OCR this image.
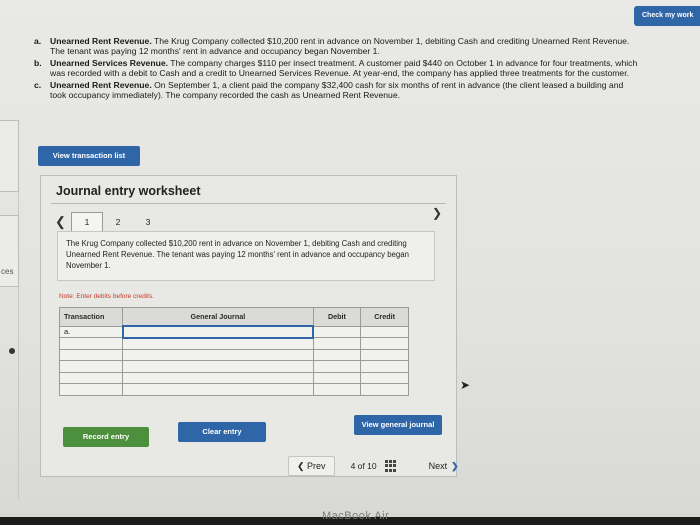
ces
Check my work
a. Unearned Rent Revenue. The Krug Company collected $10,200 rent in advance on November 1, debiting Cash and crediting Unearned Rent Revenue. The tenant was paying 12 months' rent in advance and occupancy began November 1.
b. Unearned Services Revenue. The company charges $110 per insect treatment. A customer paid $440 on October 1 in advance for four treatments, which was recorded with a debit to Cash and a credit to Unearned Services Revenue. At year-end, the company has applied three treatments for the customer.
c. Unearned Rent Revenue. On September 1, a client paid the company $32,400 cash for six months of rent in advance (the client leased a building and took occupancy immediately). The company recorded the cash as Unearned Rent Revenue.
View transaction list
Journal entry worksheet
❮	1	2	3
❯
The Krug Company collected $10,200 rent in advance on November 1, debiting Cash and crediting Unearned Rent Revenue. The tenant was paying 12 months' rent in advance and occupancy began November 1.
Note: Enter debits before credits.
Transaction	General Journal	Debit	Credit
a.			

Record entry
Clear entry
View general journal
➤
❮ Prev	4 of 10	Next ❯
MacBook Air
